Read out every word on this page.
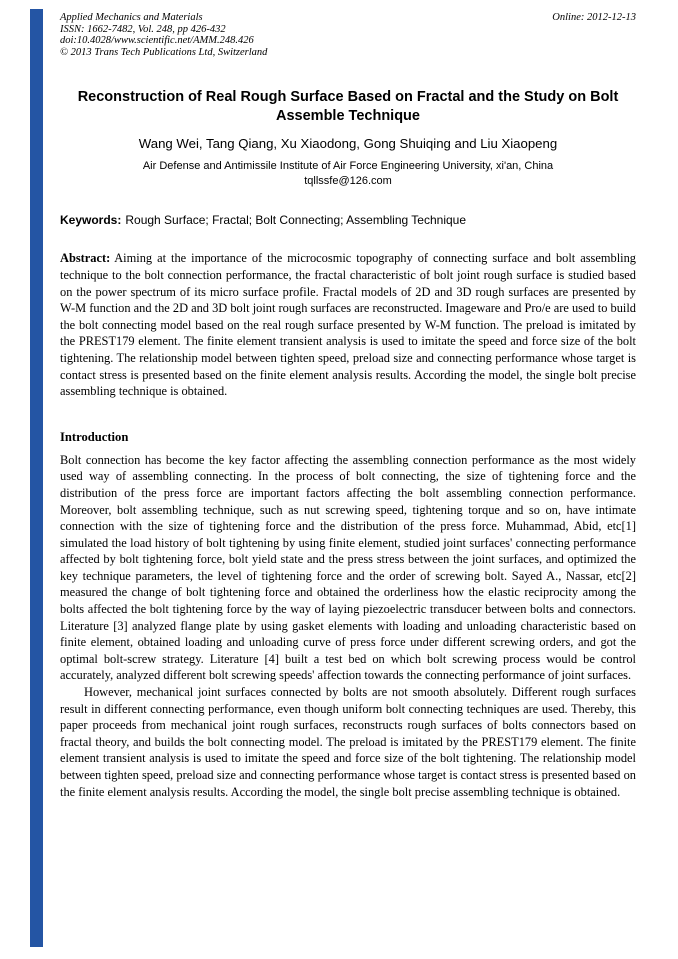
Applied Mechanics and Materials	Online: 2012-12-13
ISSN: 1662-7482, Vol. 248, pp 426-432
doi:10.4028/www.scientific.net/AMM.248.426
© 2013 Trans Tech Publications Ltd, Switzerland
Reconstruction of Real Rough Surface Based on Fractal and the Study on Bolt Assemble Technique
Wang Wei, Tang Qiang, Xu Xiaodong, Gong Shuiqing and Liu Xiaopeng
Air Defense and Antimissile Institute of Air Force Engineering University, xi'an, China
tqllssfe@126.com

Keywords: Rough Surface; Fractal; Bolt Connecting; Assembling Technique

Abstract: Aiming at the importance of the microcosmic topography of connecting surface and bolt assembling technique to the bolt connection performance, the fractal characteristic of bolt joint rough surface is studied based on the power spectrum of its micro surface profile. Fractal models of 2D and 3D rough surfaces are presented by W-M function and the 2D and 3D bolt joint rough surfaces are reconstructed. Imageware and Pro/e are used to build the bolt connecting model based on the real rough surface presented by W-M function. The preload is imitated by the PREST179 element. The finite element transient analysis is used to imitate the speed and force size of the bolt tightening. The relationship model between tighten speed, preload size and connecting performance whose target is contact stress is presented based on the finite element analysis results. According the model, the single bolt precise assembling technique is obtained.

Introduction

Bolt connection has become the key factor affecting the assembling connection performance as the most widely used way of assembling connecting. In the process of bolt connecting, the size of tightening force and the distribution of the press force are important factors affecting the bolt assembling connection performance. Moreover, bolt assembling technique, such as nut screwing speed, tightening torque and so on, have intimate connection with the size of tightening force and the distribution of the press force. Muhammad, Abid, etc[1] simulated the load history of bolt tightening by using finite element, studied joint surfaces' connecting performance affected by bolt tightening force, bolt yield state and the press stress between the joint surfaces, and optimized the key technique parameters, the level of tightening force and the order of screwing bolt. Sayed A., Nassar, etc[2] measured the change of bolt tightening force and obtained the orderliness how the elastic reciprocity among the bolts affected the bolt tightening force by the way of laying piezoelectric transducer between bolts and connectors. Literature [3] analyzed flange plate by using gasket elements with loading and unloading characteristic based on finite element, obtained loading and unloading curve of press force under different screwing orders, and got the optimal bolt-screw strategy. Literature [4] built a test bed on which bolt screwing process would be control accurately, analyzed different bolt screwing speeds' affection towards the connecting performance of joint surfaces.

However, mechanical joint surfaces connected by bolts are not smooth absolutely. Different rough surfaces result in different connecting performance, even though uniform bolt connecting techniques are used. Thereby, this paper proceeds from mechanical joint rough surfaces, reconstructs rough surfaces of bolts connectors based on fractal theory, and builds the bolt connecting model. The preload is imitated by the PREST179 element. The finite element transient analysis is used to imitate the speed and force size of the bolt tightening. The relationship model between tighten speed, preload size and connecting performance whose target is contact stress is presented based on the finite element analysis results. According the model, the single bolt precise assembling technique is obtained.
